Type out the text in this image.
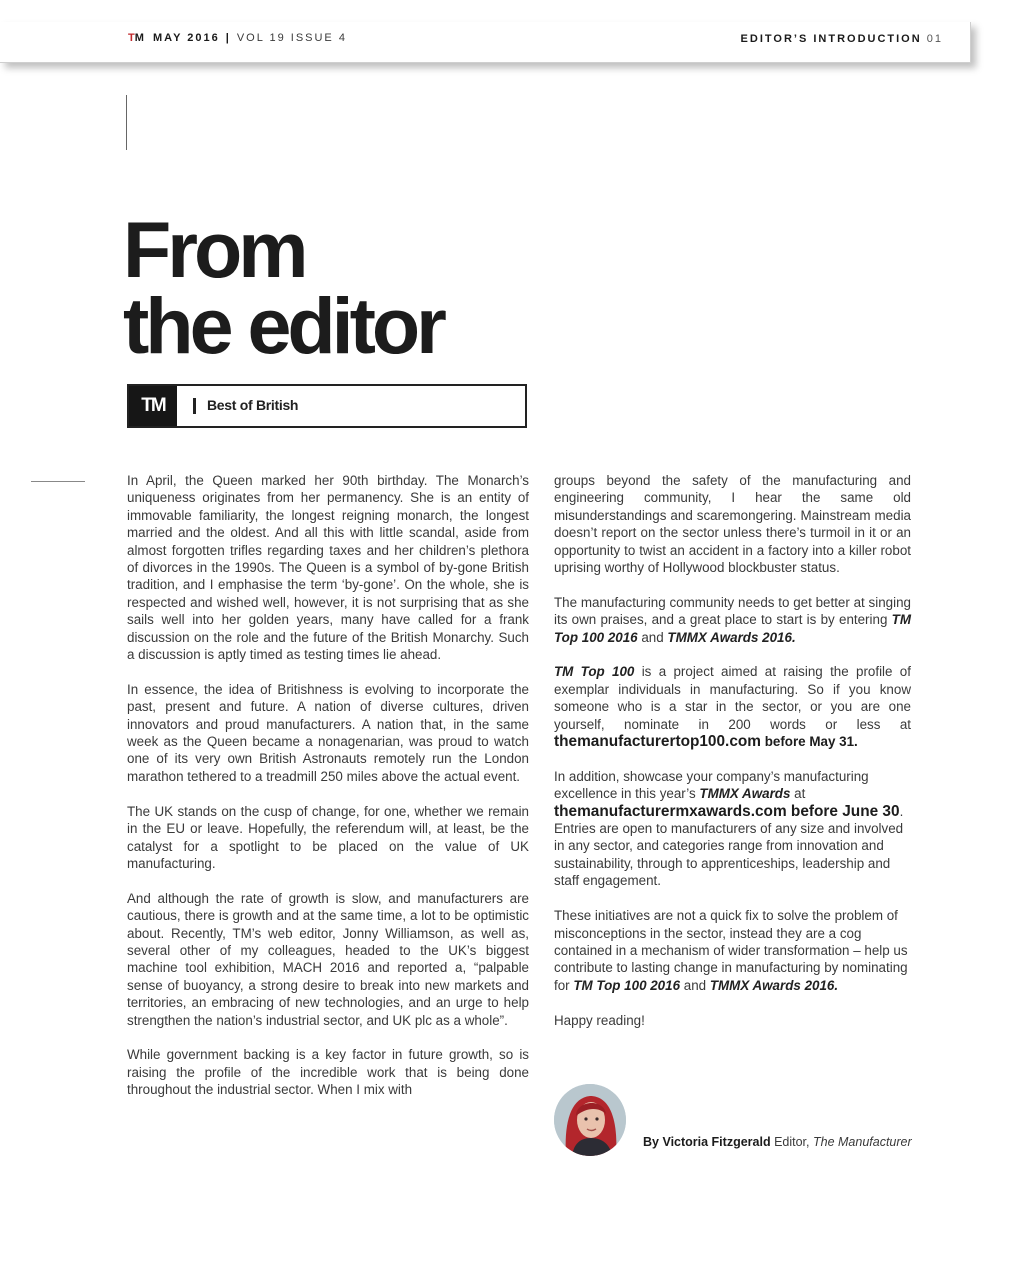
TM MAY 2016 | VOL 19 ISSUE 4	EDITOR’S INTRODUCTION 01
From
the editor
TM	Best of British

In April, the Queen marked her 90th birthday. The Monarch’s uniqueness originates from her permanency. She is an entity of immovable familiarity, the longest reigning monarch, the longest married and the oldest. And all this with little scandal, aside from almost forgotten trifles regarding taxes and her children’s plethora of divorces in the 1990s. The Queen is a symbol of by-gone British tradition, and I emphasise the term ‘by-gone’. On the whole, she is respected and wished well, however, it is not surprising that as she sails well into her golden years, many have called for a frank discussion on the role and the future of the British Monarchy. Such a discussion is aptly timed as testing times lie ahead.

In essence, the idea of Britishness is evolving to incorporate the past, present and future. A nation of diverse cultures, driven innovators and proud manufacturers. A nation that, in the same week as the Queen became a nonagenarian, was proud to watch one of its very own British Astronauts remotely run the London marathon tethered to a treadmill 250 miles above the actual event.

The UK stands on the cusp of change, for one, whether we remain in the EU or leave. Hopefully, the referendum will, at least, be the catalyst for a spotlight to be placed on the value of UK manufacturing.

And although the rate of growth is slow, and manufacturers are cautious, there is growth and at the same time, a lot to be optimistic about. Recently, TM’s web editor, Jonny Williamson, as well as, several other of my colleagues, headed to the UK’s biggest machine tool exhibition, MACH 2016 and reported a, “palpable sense of buoyancy, a strong desire to break into new markets and territories, an embracing of new technologies, and an urge to help strengthen the nation’s industrial sector, and UK plc as a whole”.

While government backing is a key factor in future growth, so is raising the profile of the incredible work that is being done throughout the industrial sector. When I mix with

groups beyond the safety of the manufacturing and engineering community, I hear the same old misunderstandings and scaremongering. Mainstream media doesn’t report on the sector unless there’s turmoil in it or an opportunity to twist an accident in a factory into a killer robot uprising worthy of Hollywood blockbuster status.

The manufacturing community needs to get better at singing its own praises, and a great place to start is by entering TM Top 100 2016 and TMMX Awards 2016.

TM Top 100 is a project aimed at raising the profile of exemplar individuals in manufacturing. So if you know someone who is a star in the sector, or you are one yourself, nominate in 200 words or less at themanufacturertop100.com before May 31.

In addition, showcase your company’s manufacturing excellence in this year’s TMMX Awards at themanufacturermxawards.com before June 30. Entries are open to manufacturers of any size and involved in any sector, and categories range from innovation and sustainability, through to apprenticeships, leadership and staff engagement.

These initiatives are not a quick fix to solve the problem of misconceptions in the sector, instead they are a cog contained in a mechanism of wider transformation – help us contribute to lasting change in manufacturing by nominating for TM Top 100 2016 and TMMX Awards 2016.

Happy reading!

By Victoria Fitzgerald Editor, The Manufacturer
